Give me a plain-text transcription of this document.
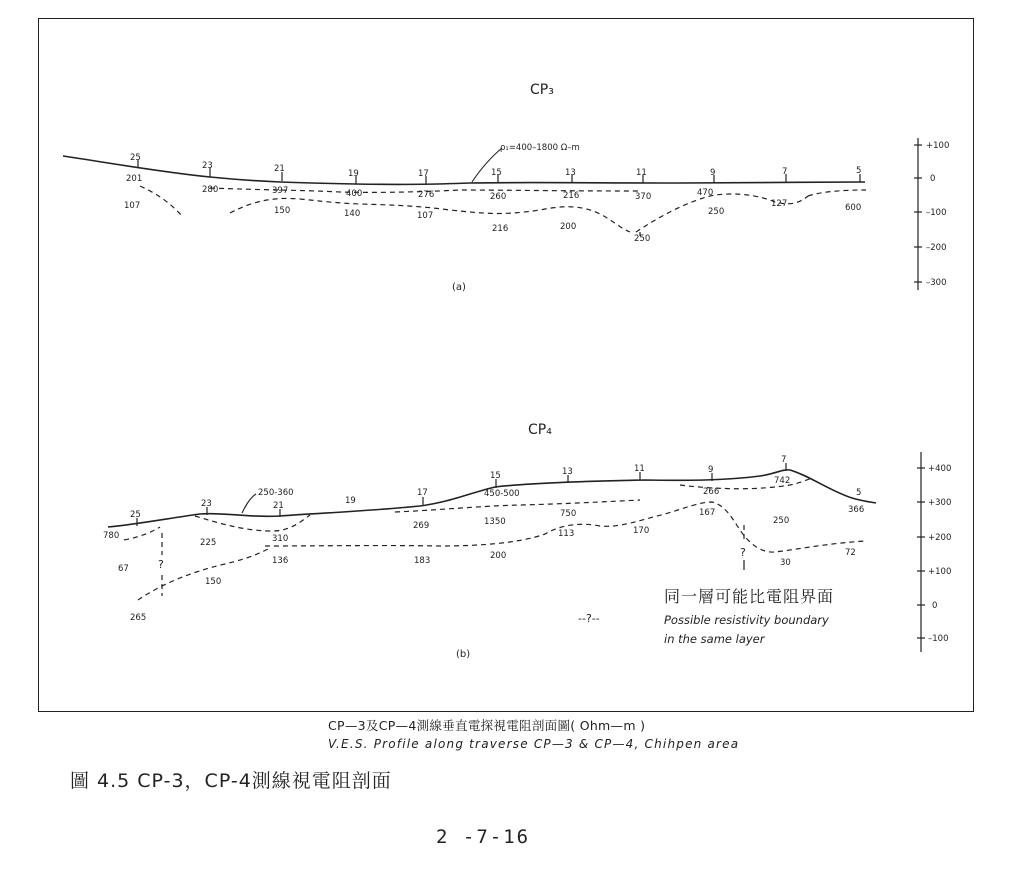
CP₃
25
23	21	19	17	15	13	11	9	7	5
ρ₁=400–1800 Ω–m
201
280	397	400	276	260	216	370	470
107	150	140	107
216	200
250
250
127	600
+100
0
–100
–200
–300
(a)
CP₄
?
?
25
23	21	19
17
15	13	11	9
7
5
250-360
780
225	310
136
67
150
265
269
183
1350
450-500
200
750
113	170
266
742
167
250
30
72
366
+400
+300
+200
+100
0
–100
(b)
同一層可能比電阻界面
--?--	Possible resistivity boundary
in the same layer
CP—3及CP—4測線垂直電探視電阻剖面圖( Ohm—m )
V.E.S. Profile along traverse CP—3 & CP—4, Chihpen area
圖 4.5 CP-3，CP-4測線視電阻剖面
2 -7-16
